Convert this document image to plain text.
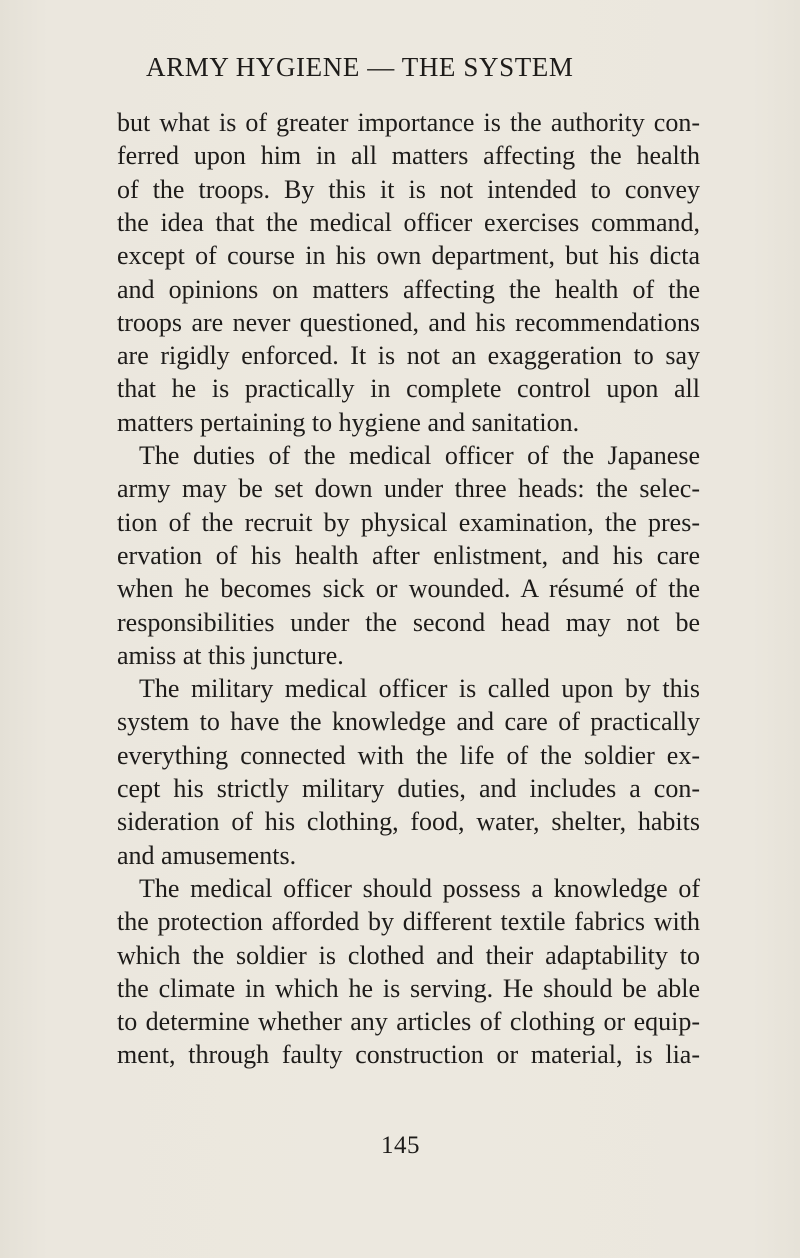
ARMY HYGIENE — THE SYSTEM
but what is of greater importance is the authority con-
ferred upon him in all matters affecting the health
of the troops. By this it is not intended to convey
the idea that the medical officer exercises command,
except of course in his own department, but his dicta
and opinions on matters affecting the health of the
troops are never questioned, and his recommendations
are rigidly enforced. It is not an exaggeration to say
that he is practically in complete control upon all
matters pertaining to hygiene and sanitation.
The duties of the medical officer of the Japanese
army may be set down under three heads: the selec-
tion of the recruit by physical examination, the pres-
ervation of his health after enlistment, and his care
when he becomes sick or wounded. A résumé of the
responsibilities under the second head may not be
amiss at this juncture.
The military medical officer is called upon by this
system to have the knowledge and care of practically
everything connected with the life of the soldier ex-
cept his strictly military duties, and includes a con-
sideration of his clothing, food, water, shelter, habits
and amusements.
The medical officer should possess a knowledge of
the protection afforded by different textile fabrics with
which the soldier is clothed and their adaptability to
the climate in which he is serving. He should be able
to determine whether any articles of clothing or equip-
ment, through faulty construction or material, is lia-
145
